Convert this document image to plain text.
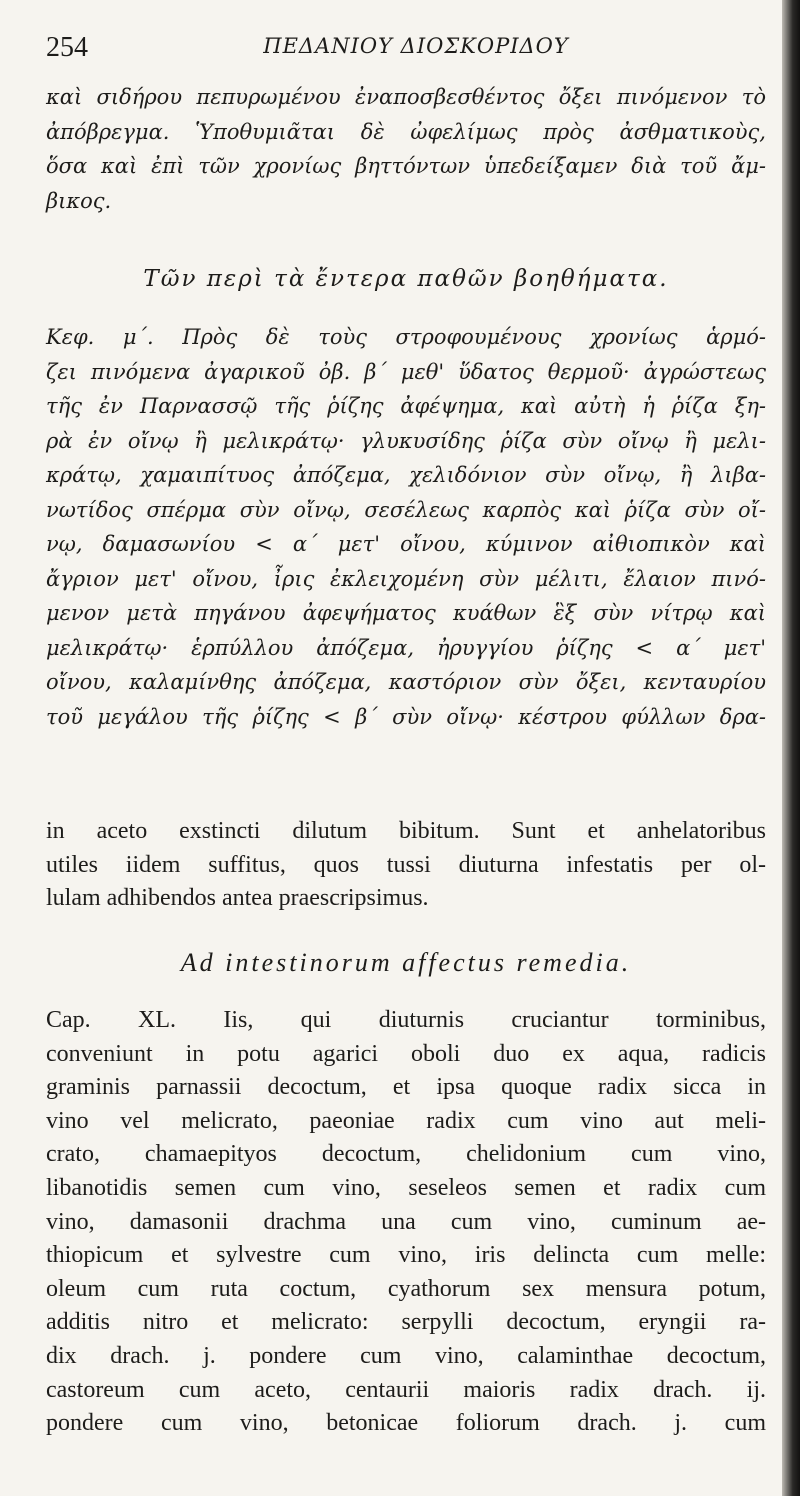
254	ΠΕΔΑΝΙΟΥ ΔΙΟΣΚΟΡΙΔΟΥ
καὶ σιδήρου πεπυρωμένου ἐναποσβεσθέντος ὄξει πινόμενον τὸ
ἀπόβρεγμα. Ὑποθυμιᾶται δὲ ὠφελίμως πρὸς ἀσθματικοὺς,
ὅσα καὶ ἐπὶ τῶν χρονίως βηττόντων ὑπεδείξαμεν διὰ τοῦ ἄμ-
βικος.
Τῶν περὶ τὰ ἔντερα παθῶν βοηθήματα.
Κεφ. μ΄. Πρὸς δὲ τοὺς στροφουμένους χρονίως ἁρμό-
ζει πινόμενα ἀγαρικοῦ ὀβ. β΄ μεθ' ὕδατος θερμοῦ· ἀγρώστεως
τῆς ἐν Παρνασσῷ τῆς ῥίζης ἀφέψημα, καὶ αὐτὴ ἡ ῥίζα ξη-
ρὰ ἐν οἴνῳ ἢ μελικράτῳ· γλυκυσίδης ῥίζα σὺν οἴνῳ ἢ μελι-
κράτῳ, χαμαιπίτυος ἀπόζεμα, χελιδόνιον σὺν οἴνῳ, ἢ λιβα-
νωτίδος σπέρμα σὺν οἴνῳ, σεσέλεως καρπὸς καὶ ῥίζα σὺν οἴ-
νῳ, δαμασωνίου < α΄ μετ' οἴνου, κύμινον αἰθιοπικὸν καὶ
ἄγριον μετ' οἴνου, ἶρις ἐκλειχομένη σὺν μέλιτι, ἔλαιον πινό-
μενον μετὰ πηγάνου ἀφεψήματος κυάθων ἓξ σὺν νίτρῳ καὶ
μελικράτῳ· ἑρπύλλου ἀπόζεμα, ἠρυγγίου ῥίζης < α΄ μετ'
οἴνου, καλαμίνθης ἀπόζεμα, καστόριον σὺν ὄξει, κενταυρίου
τοῦ μεγάλου τῆς ῥίζης < β΄ σὺν οἴνῳ· κέστρου φύλλων δρα-
in aceto exstincti dilutum bibitum. Sunt et anhelatoribus
utiles iidem suffitus, quos tussi diuturna infestatis per ol-
lulam adhibendos antea praescripsimus.
Ad intestinorum affectus remedia.
Cap. XL. Iis, qui diuturnis cruciantur torminibus,
conveniunt in potu agarici oboli duo ex aqua, radicis
graminis parnassii decoctum, et ipsa quoque radix sicca in
vino vel melicrato, paeoniae radix cum vino aut meli-
crato, chamaepityos decoctum, chelidonium cum vino,
libanotidis semen cum vino, seseleos semen et radix cum
vino, damasonii drachma una cum vino, cuminum ae-
thiopicum et sylvestre cum vino, iris delincta cum melle:
oleum cum ruta coctum, cyathorum sex mensura potum,
additis nitro et melicrato: serpylli decoctum, eryngii ra-
dix drach. j. pondere cum vino, calaminthae decoctum,
castoreum cum aceto, centaurii maioris radix drach. ij.
pondere cum vino, betonicae foliorum drach. j. cum
